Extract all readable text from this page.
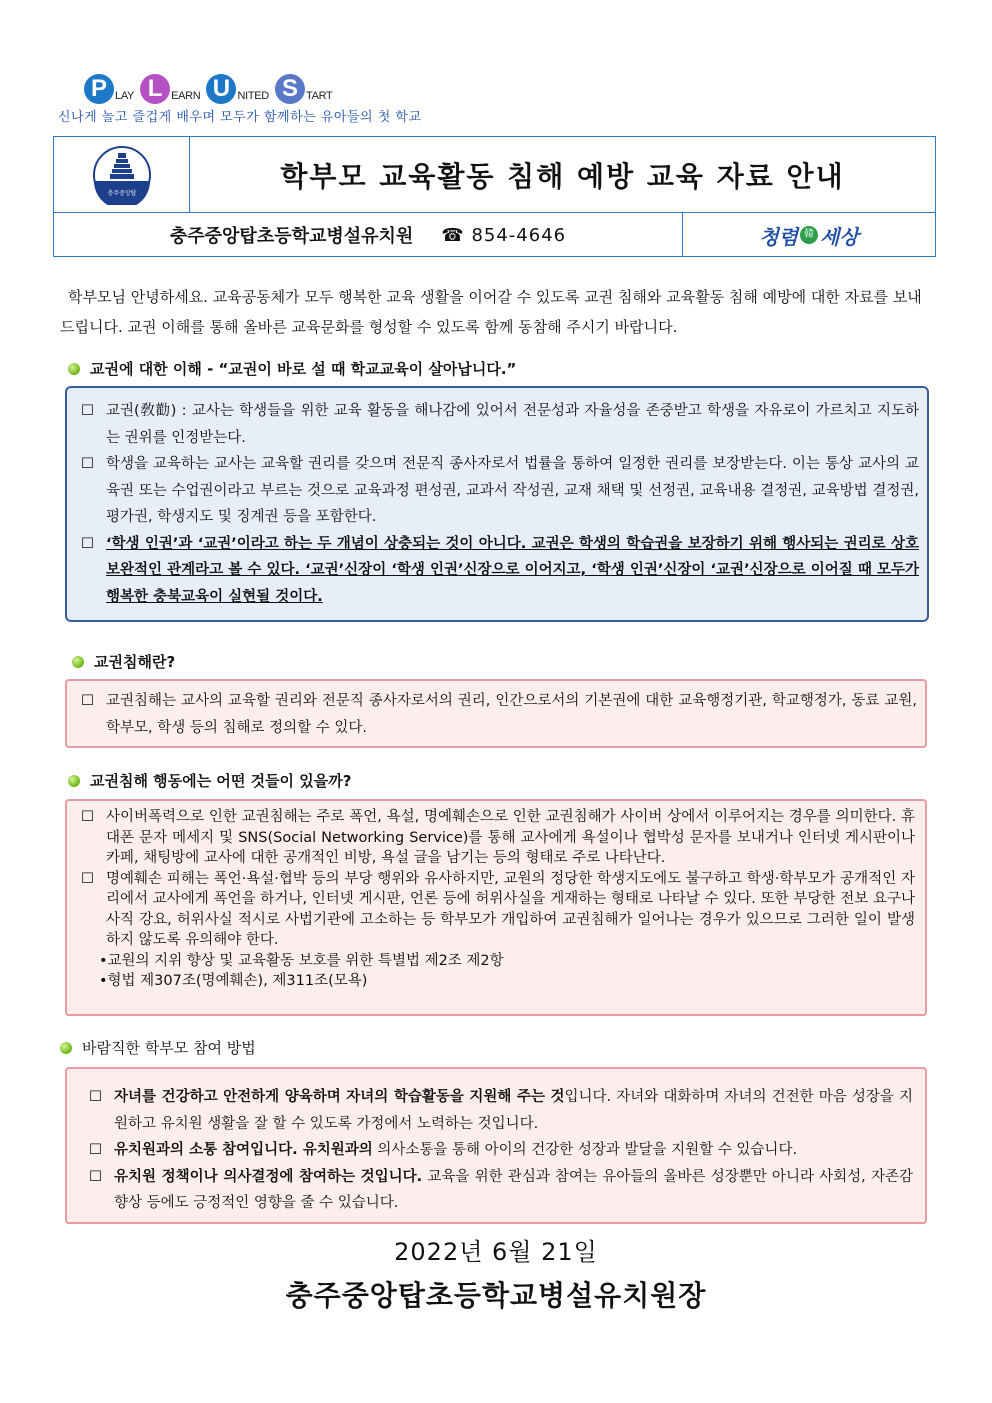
P LAY L EARN U NITED S TART
신나게 놀고 즐겁게 배우며 모두가 함께하는 유아들의 첫 학교
충주중앙탑
학부모 교육활동 침해 예방 교육 자료 안내
충주중앙탑초등학교병설유치원 ☎ 854-4646	청렴 韓 세상
학부모님 안녕하세요. 교육공동체가 모두 행복한 교육 생활을 이어갈 수 있도록 교권 침해와 교육활동 침해 예방에 대한 자료를 보내드립니다. 교권 이해를 통해 올바른 교육문화를 형성할 수 있도록 함께 동참해 주시기 바랍니다.
교권에 대한 이해 - “교권이 바로 설 때 학교교육이 살아납니다.”
☐ 교권(敎勸) : 교사는 학생들을 위한 교육 활동을 해나감에 있어서 전문성과 자율성을 존중받고 학생을 자유로이 가르치고 지도하는 권위를 인정받는다.
☐ 학생을 교육하는 교사는 교육할 권리를 갖으며 전문직 종사자로서 법률을 통하여 일정한 권리를 보장받는다. 이는 통상 교사의 교육권 또는 수업권이라고 부르는 것으로 교육과정 편성권, 교과서 작성권, 교재 채택 및 선정권, 교육내용 결정권, 교육방법 결정권, 평가권, 학생지도 및 징계권 등을 포함한다.
☐ ‘학생 인권’과 ‘교권’이라고 하는 두 개념이 상충되는 것이 아니다. 교권은 학생의 학습권을 보장하기 위해 행사되는 권리로 상호보완적인 관계라고 볼 수 있다. ‘교권’신장이 ‘학생 인권’신장으로 이어지고, ‘학생 인권’신장이 ‘교권’신장으로 이어질 때 모두가 행복한 충북교육이 실현될 것이다.
교권침해란?
☐ 교권침해는 교사의 교육할 권리와 전문직 종사자로서의 권리, 인간으로서의 기본권에 대한 교육행정기관, 학교행정가, 동료 교원, 학부모, 학생 등의 침해로 정의할 수 있다.
교권침해 행동에는 어떤 것들이 있을까?
☐ 사이버폭력으로 인한 교권침해는 주로 폭언, 욕설, 명예훼손으로 인한 교권침해가 사이버 상에서 이루어지는 경우를 의미한다. 휴대폰 문자 메세지 및 SNS(Social Networking Service)를 통해 교사에게 욕설이나 협박성 문자를 보내거나 인터넷 게시판이나 카페, 채팅방에 교사에 대한 공개적인 비방, 욕설 글을 남기는 등의 형태로 주로 나타난다.
☐ 명예훼손 피해는 폭언·욕설·협박 등의 부당 행위와 유사하지만, 교원의 정당한 학생지도에도 불구하고 학생·학부모가 공개적인 자리에서 교사에게 폭언을 하거나, 인터넷 게시판, 언론 등에 허위사실을 게재하는 형태로 나타날 수 있다. 또한 부당한 전보 요구나 사직 강요, 허위사실 적시로 사법기관에 고소하는 등 학부모가 개입하여 교권침해가 일어나는 경우가 있으므로 그러한 일이 발생하지 않도록 유의해야 한다.
•교원의 지위 향상 및 교육활동 보호를 위한 특별법 제2조 제2항
•형법 제307조(명예훼손), 제311조(모욕)
바람직한 학부모 참여 방법
☐ 자녀를 건강하고 안전하게 양육하며 자녀의 학습활동을 지원해 주는 것입니다. 자녀와 대화하며 자녀의 건전한 마음 성장을 지원하고 유치원 생활을 잘 할 수 있도록 가정에서 노력하는 것입니다.
☐ 유치원과의 소통 참여입니다. 유치원과의 의사소통을 통해 아이의 건강한 성장과 발달을 지원할 수 있습니다.
☐ 유치원 정책이나 의사결정에 참여하는 것입니다. 교육을 위한 관심과 참여는 유아들의 올바른 성장뿐만 아니라 사회성, 자존감 향상 등에도 긍정적인 영향을 줄 수 있습니다.
2022년 6월 21일
충주중앙탑초등학교병설유치원장
